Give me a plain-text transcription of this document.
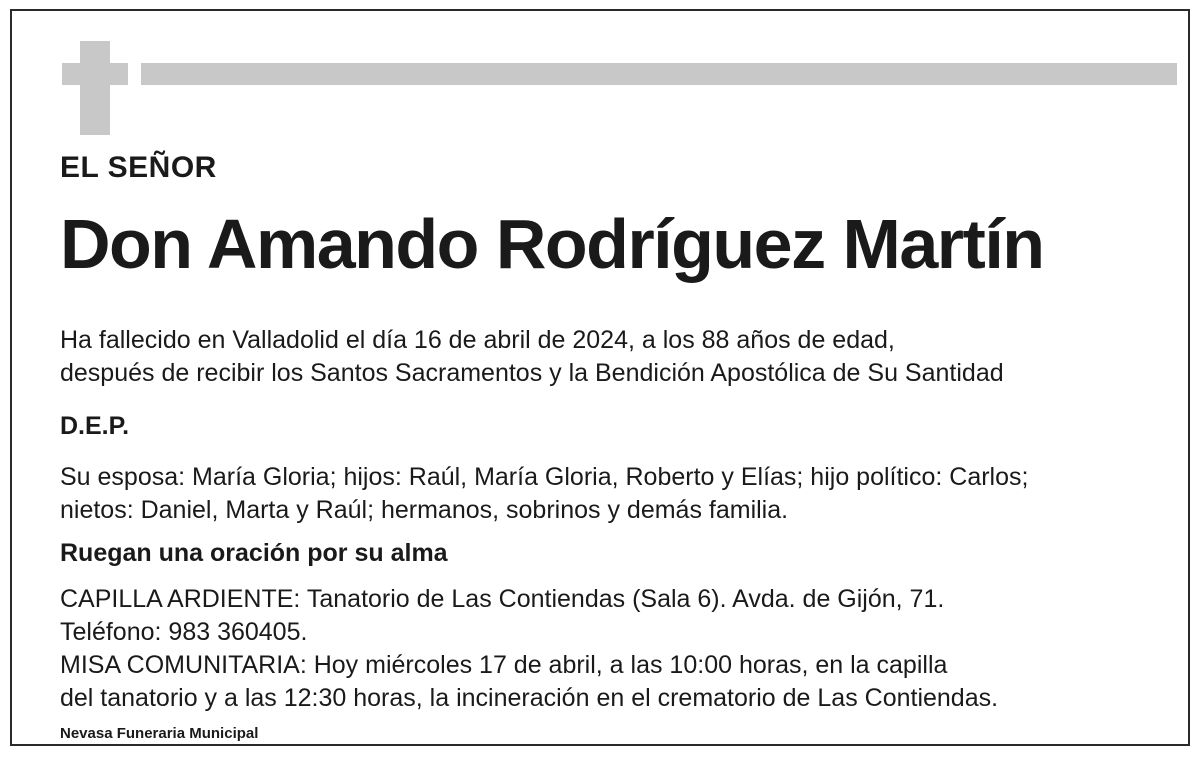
EL SEÑOR
Don Amando Rodríguez Martín
Ha fallecido en Valladolid el día 16 de abril de 2024, a los 88 años de edad,
después de recibir los Santos Sacramentos y la Bendición Apostólica de Su Santidad
D.E.P.
Su esposa: María Gloria; hijos: Raúl, María Gloria, Roberto y Elías; hijo político: Carlos;
nietos: Daniel, Marta y Raúl; hermanos, sobrinos y demás familia.
Ruegan una oración por su alma
CAPILLA ARDIENTE: Tanatorio de Las Contiendas (Sala 6). Avda. de Gijón, 71.
Teléfono: 983 360405.
MISA COMUNITARIA: Hoy miércoles 17 de abril, a las 10:00 horas, en la capilla
del tanatorio y a las 12:30 horas, la incineración en el crematorio de Las Contiendas.
Nevasa Funeraria Municipal
